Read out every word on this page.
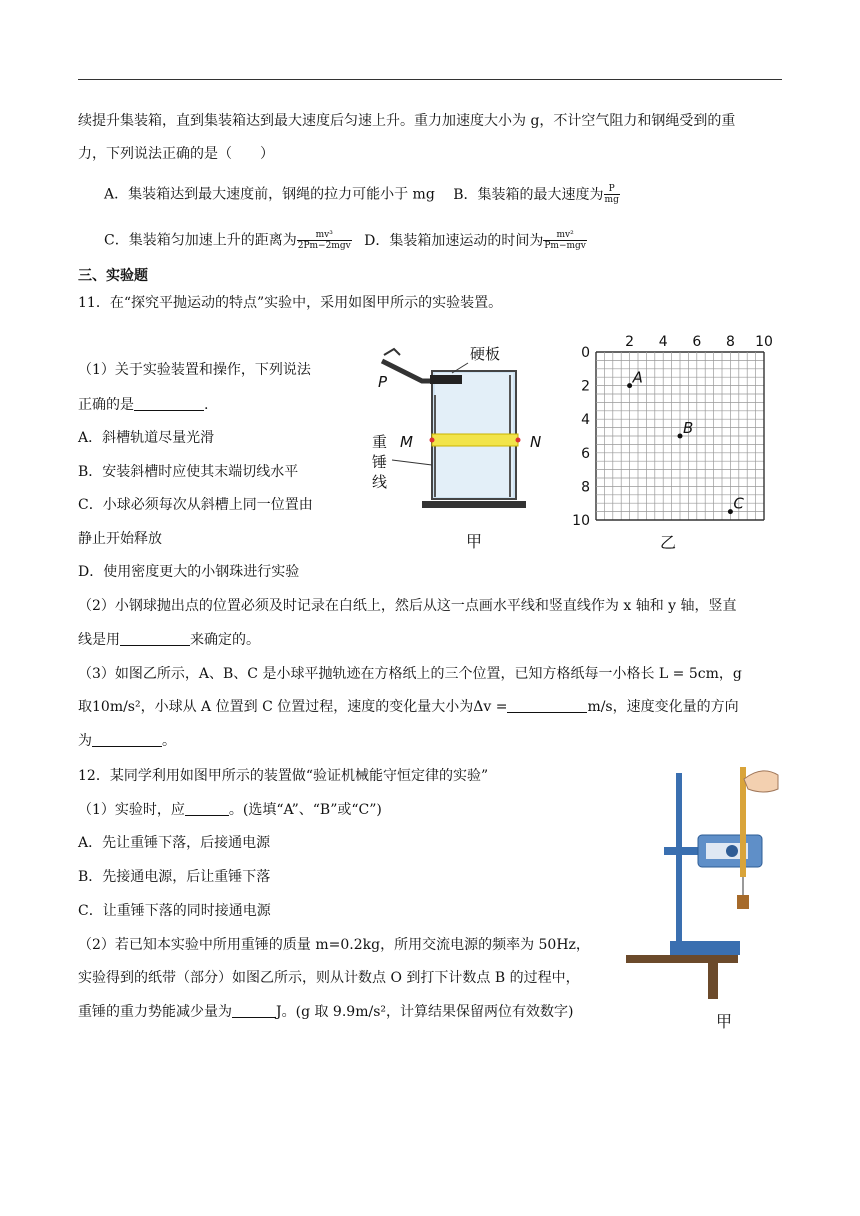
续提升集装箱，直到集装箱达到最大速度后匀速上升。重力加速度大小为 g，不计空气阻力和钢绳受到的重
力，下列说法正确的是（　　）
A．集装箱达到最大速度前，钢绳的拉力可能小于 mg B．集装箱的最大速度为 $\frac{P}{mg}$
C．集装箱匀加速上升的距离为 $\frac{\text{mv³}}{\text{2Pm−2mgv}}$ D．集装箱加速运动的时间为 $\frac{\text{mv²}}{\text{Pm−mgv}}$
三、实验题
11．在“探究平抛运动的特点”实验中，采用如图甲所示的实验装置。
（1）关于实验装置和操作，下列说法
正确的是	.
A．斜槽轨道尽量光滑
B．安装斜槽时应使其末端切线水平
C．小球必须每次从斜槽上同一位置由
静止开始释放
D．使用密度更大的小钢珠进行实验
（2）小钢球抛出点的位置必须及时记录在白纸上，然后从这一点画水平线和竖直线作为 x 轴和 y 轴，竖直
线是用	来确定的。
（3）如图乙所示，A、B、C 是小球平抛轨迹在方格纸上的三个位置，已知方格纸每一小格长 L = 5cm，g
取10m/s²，小球从 A 位置到 C 位置过程，速度的变化量大小为Δv =	m/s，速度变化量的方向
为	。
硬板
P
M	N
重
锤
线
甲
2 4 6 8 10
0
2
4
6
8
10
A
B
C
乙
12．某同学利用如图甲所示的装置做“验证机械能守恒定律的实验”
（1）实验时，应	。(选填“A”、“B”或“C”)
A．先让重锤下落，后接通电源
B．先接通电源，后让重锤下落
C．让重锤下落的同时接通电源
（2）若已知本实验中所用重锤的质量 m=0.2kg，所用交流电源的频率为 50Hz，
实验得到的纸带（部分）如图乙所示，则从计数点 O 到打下计数点 B 的过程中，
重锤的重力势能减少量为	J。(g 取 9.9m/s²，计算结果保留两位有效数字)	甲
